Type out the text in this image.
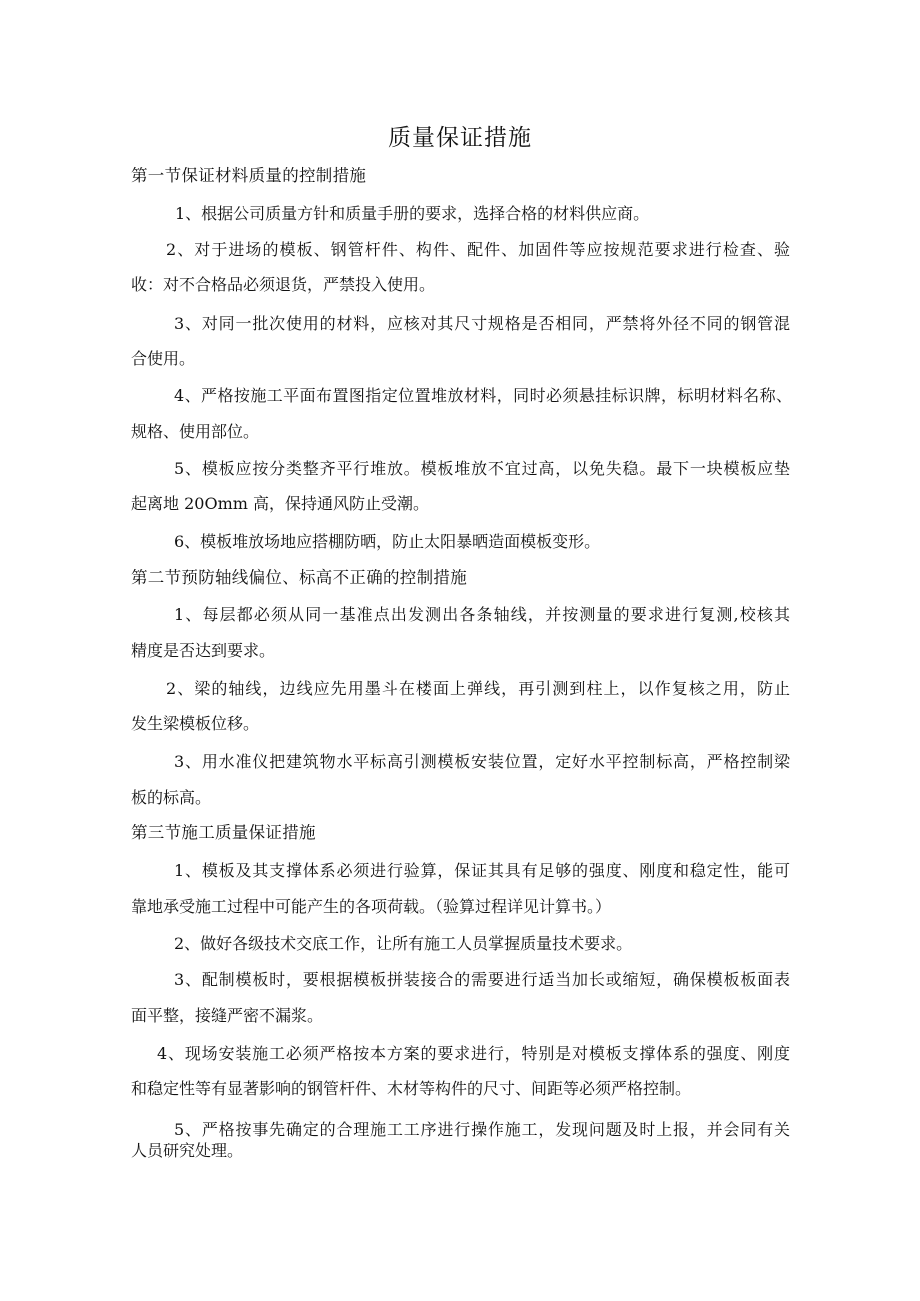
质量保证措施
第一节保证材料质量的控制措施
1、根据公司质量方针和质量手册的要求，选择合格的材料供应商。
2、对于进场的模板、钢管杆件、构件、配件、加固件等应按规范要求进行检查、验
收：对不合格品必须退货，严禁投入使用。
3、对同一批次使用的材料，应核对其尺寸规格是否相同，严禁将外径不同的钢管混
合使用。
4、严格按施工平面布置图指定位置堆放材料，同时必须悬挂标识牌，标明材料名称、
规格、使用部位。
5、模板应按分类整齐平行堆放。模板堆放不宜过高，以免失稳。最下一块模板应垫
起离地 20Omm 高，保持通风防止受潮。
6、模板堆放场地应搭棚防晒，防止太阳暴晒造面模板变形。
第二节预防轴线偏位、标高不正确的控制措施
1、每层都必须从同一基准点出发测出各条轴线，并按测量的要求进行复测,校核其
精度是否达到要求。
2、梁的轴线，边线应先用墨斗在楼面上弹线，再引测到柱上，以作复核之用，防止
发生梁模板位移。
3、用水准仪把建筑物水平标高引测模板安装位置，定好水平控制标高，严格控制梁
板的标高。
第三节施工质量保证措施
1、模板及其支撑体系必须进行验算，保证其具有足够的强度、刚度和稳定性，能可
靠地承受施工过程中可能产生的各项荷载。（验算过程详见计算书。）
2、做好各级技术交底工作，让所有施工人员掌握质量技术要求。
3、配制模板时，要根据模板拼装接合的需要进行适当加长或缩短，确保模板板面表
面平整，接缝严密不漏浆。
4、现场安装施工必须严格按本方案的要求进行，特别是对模板支撑体系的强度、刚度
和稳定性等有显著影响的钢管杆件、木材等构件的尺寸、间距等必须严格控制。
5、严格按事先确定的合理施工工序进行操作施工，发现问题及时上报，并会同有关
人员研究处理。
